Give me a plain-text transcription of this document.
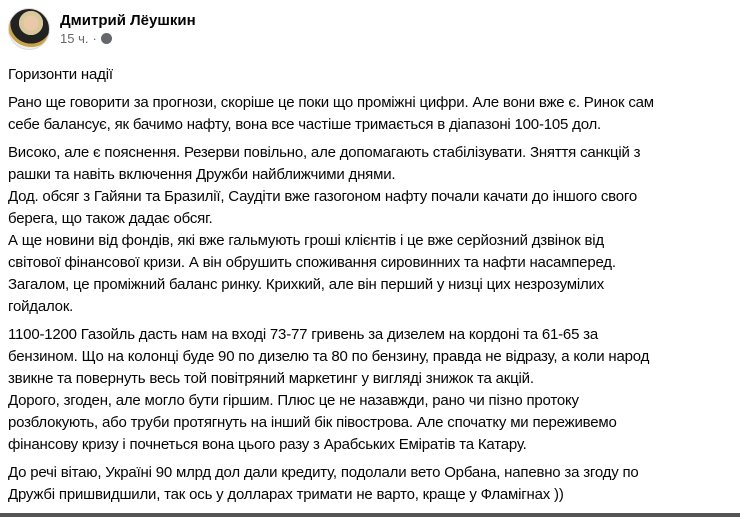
Дмитрий Лёушкин
15 ч. ·
Горизонти надії
Рано ще говорити за прогнози, скоріше це поки що проміжні цифри. Але вони вже є. Ринок сам
себе балансує, як бачимо нафту, вона все частіше тримається в діапазоні 100-105 дол.
Високо, але є пояснення. Резерви повільно, але допомагають стабілізувати. Зняття санкцій з
рашки та навіть включення Дружби найближчими днями.
Дод. обсяг з Гайяни та Бразилії, Саудіти вже газогоном нафту почали качати до іншого свого
берега, що також дадає обсяг.
А ще новини від фондів, які вже гальмують гроші клієнтів і це вже серйозний дзвінок від
світової фінансової кризи. А він обрушить споживання сировинних та нафти насамперед.
Загалом, це проміжний баланс ринку. Крихкий, але він перший у низці цих незрозумілих
гойдалок.
1100-1200 Газойль дасть нам на вході 73-77 гривень за дизелем на кордоні та 61-65 за
бензином. Що на колонці буде 90 по дизелю та 80 по бензину, правда не відразу, а коли народ
звикне та повернуть весь той повітряний маркетинг у вигляді знижок та акцій.
Дорого, згоден, але могло бути гіршим. Плюс це не назавжди, рано чи пізно протоку
розблокують, або труби протягнуть на інший бік півострова. Але спочатку ми переживемо
фінансову кризу і почнеться вона цього разу з Арабських Еміратів та Катару.
До речі вітаю, Україні 90 млрд дол дали кредиту, подолали вето Орбана, напевно за згоду по
Дружбі пришвидшили, так ось у долларах тримати не варто, краще у Фламігнах ))
